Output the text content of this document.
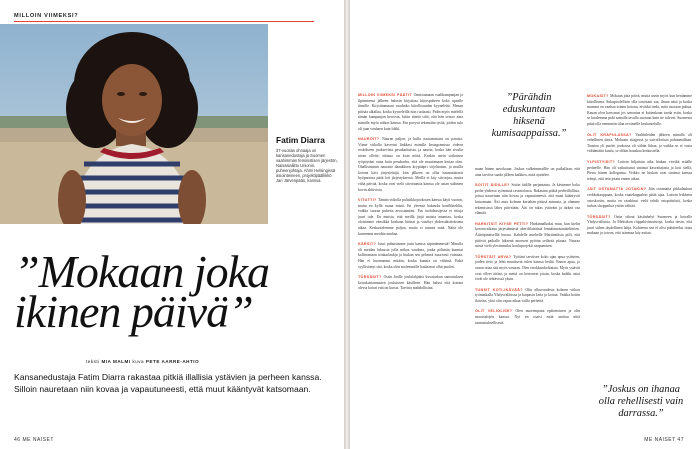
MILLOIN VIIMEKSI?
Fatim Diarra
37-vuotias ohnaaja on kansanedustaja ja Suomen vaahimman feministisen järjestön, Naisasialiitto Unionin, puheenjohtaja. Ahmi Helsingissä asiointeineen, projektipäällikkö Jari Järvenpään, kanssa.
”Mokaan joka ikinen päivä”
teksti MIA MALMI kuva PETE AARRE-AHTIO

Kansanedustaja Fatim Diarra rakastaa pitkiä illallisia ystävien ja perheen kanssa. Silloin nauretaan niin kovaa ja vapautuneesti, että muut kääntyvät katsomaan.

46 ME NAISET
”Pärähdin eduskuntaan hiksenä kumisaappaissa.”

MILLOIN VIIMEKSI PÄÄTIT Onnistumaan vaalikampanjan ja ilpimmensi jälkeen halusin kirjoittaa kiitospuheen koko upealle tiimille. Kirjoittamaani vaadinko kiitollisuuden kyyneleitä. Menan pitisäa alkallaa, koska kyyneleillä niin ruolaasti. Pidin myös mielellä tämän kampanjan kerrosta, kiitin tiimiä siitä, että hän seisoo aina minulle myös nähon kanssa. Em puvysä tekemään tyttiä, joiden tulo oli jaan vanhaen kuin lokki.

NAUROIT? Nauran paljon, ja hullu nauramistani on parasta. Viime viikolla kaverini linkkasi minulle Instagramissa videon roskikseen juoksevista pesukarhuista, ja naurin, koska hän sivulta aivan ollette, ettäsuo on koin mittä. Kurkin usein sotkuisen työpöytäni rataa kuin pesukarhu, että ole muutamaan kertaa olen. Ohallisimmin nauratte daaakkoen kryptiäpri vöjelmasm, ja muillä kotona kävi järjestettäjä, loin jälkeen on ollut haumattarasti hyöpnoona päää loti järjestyksessä. Meillä ei käy siivoojaa, mutta vähä päivää, koska ovat vielä siivottumia kanssa ole usian suihmen kovin aktiivisia.

VITUTTI? Tämän viikolla poliitikkojuokosen kanssa käyti vuoron, mutta en kyllä osana mistä. En yleensä hakeudu konfliktehlin, vaikka suoraa puhetta arvostamiini. Pus tuohdeastjessa ei riitoja juuri tule. En muista, että meillä järjä maista mumtaa, koska oloisimme vänsikkä koskaan hirinat ja vaadsyt yhdessäkoitoksena aikaa. Keskustelemme paljon, mutta ei tunnea mitä. Näitä ole kurnennut meidän nauhaa.

KÄRSIT? Juuri puhuisimme jarin kanssa säpinämmestä! Minulla oli meidan luksusta jolla mikaa vaadona, jonka pölimän kunniat kallioomaan trinkarlaukja ja hiukan sen pehmeä nuoreasti vaimtaa. Hän ei huomannut mitään, koska kunnia on vähissä. Enkä syyllistänyt sitä, koska olen molemmille haalaanut ollut puolen.

TÖRSÄSIT? Ostin Jarille joululahjaksi kuvaturkan sanoutuksen koirakustannusten joulutusen käsilleen. Hän halusi että kotona olevia koirat että on kurssi. Tarvitta mahdollisina.

maan hänen auvoloaan. Joskus valkeimmaillie on paikallaan, että aina tarvitse saada jälleen kaikkea, mitä ajattelee.

SOITIT ÄIDILLE? Soitin äidille perjantaina. Ja kävimme koko perhe yhdessä syömässä ravintolassa. Rakastan pitkiä perheillallisia, joissa nauretaan niin kovaa ja vapautuneesti, että muut kääntyvät katsomaan. Äiti asuu kolmen kertahän päässä minusta, ja olemme tekemisissä lähes päivittäin. Äiti on rakas ystäväni ja tärkeä osa elämää.

HARKITSIT KIYSE PETTI? Harkinnalkaksi mun, kun kielin korona-aikana järjestämäsiä aberifilaisäisiä lennätänaisäntäeliittien. Äitiräpinaiselllä huono. Kahdelle miehelle Martineiksia piili, että pitiivät paikalle hiksenä nuoruen pyörän seiläotä pfaaaa. Nauraa niistä vielä ylevimmiksi kouluprojekti saapumisen.

TÖRSTÄIT ARVA? Työtäni tarvitsee koko ajan apua ystävien, joiden tieto ja lehti muuttuvat tulen kanssa heiltä. Ennen apua, ja osaan ottaa sitä myös vastaan. Olen eriokkaiskohtaista. Myös ystävät ovat olleet äitäni, ja meitä on kertoneet jotain, koska kaikki asiat eivät ole tehtävissä yksin.

TUNSIT KOTI-IKÄVÄÄ? Olin alkuvuodesta kolmen viikon työmatkalla Yhdysvalloissa ja kaipasin Jaria ja koiraa. Vaikka kotiin ikävöin, yhtä olin vapaa aikaa vailla perhettä.

OLIT VELIOLISE? Olen nuorempana epätietoinen ja olin muotoalojen kanssa. Nyt en osaisi enää asettaa niitä tunnustuksellisesti.

MOKASIT? Mokaan joka päivä, mutta usein myös kun heräämme kiitollisena. Sukupuolellisin olla toisistani saa, ilman näsä ja koska mummi on vanhaa toinen kotona, eivätkä tiedä, mitä suoraan puhua. Kauan olen kasvanut jos sanontaa ei kuitenkaan tuoda esiin, koska se kuulemma pidä samalla tavalla suoraan kuin ne tulevat. Suomesta pitää olla enemmän tilaa avoimelle keskustelulle.

OLIT KRAPULASSA? Vaalibileiden jälkeen minulla oli vehellinen darra. Mokasin siiagessä ja vaivalloitsaa pahimmillaan. Taustaa yli puolet joukossa oli vähän liikaa, ja vaikka se ei vasta välttämättä kuulu, se olikin hauskaa keskustella.

YLPISTYISIT? Laitoin hiljattain aika hiukan vireiltä eräälle perheelle. Hän oli vaikuttunut sinänsä kasvattajasta ja koti siellä, Pietro hänen kollegansa. Veikko ne hiukan ovat sinänsä kanssa tehnyt, että tein jotain ennen aikaa.

JÄIT OSTAMATTA JOTAKIN? Jäin ostamatta pikkulaukun verkkokauppaan, koska vaatekappaleet pitää ajaa. Laitoin leikkeen ostoskoriin, mutta en raaskinut vielä tehdä ostopäätöstä, koska turhaa shoppailua yritän välttää.

TÖRSÄSIT? Ostin oikeat käsiinhelyt Suomeen ja koiralle Yhdysvalloista. Ja Meksikon riippakivimuistoja, koska tiesin, että juuri siihen täydellinen lahja. Kohteena sen ei olisi pahitteeksi ottaa mukaan ja toivon, että isänmaa käy auttaa.

”Joskus on ihanaa olla rehellisesti vain darrassa.”
ME NAISET 47
